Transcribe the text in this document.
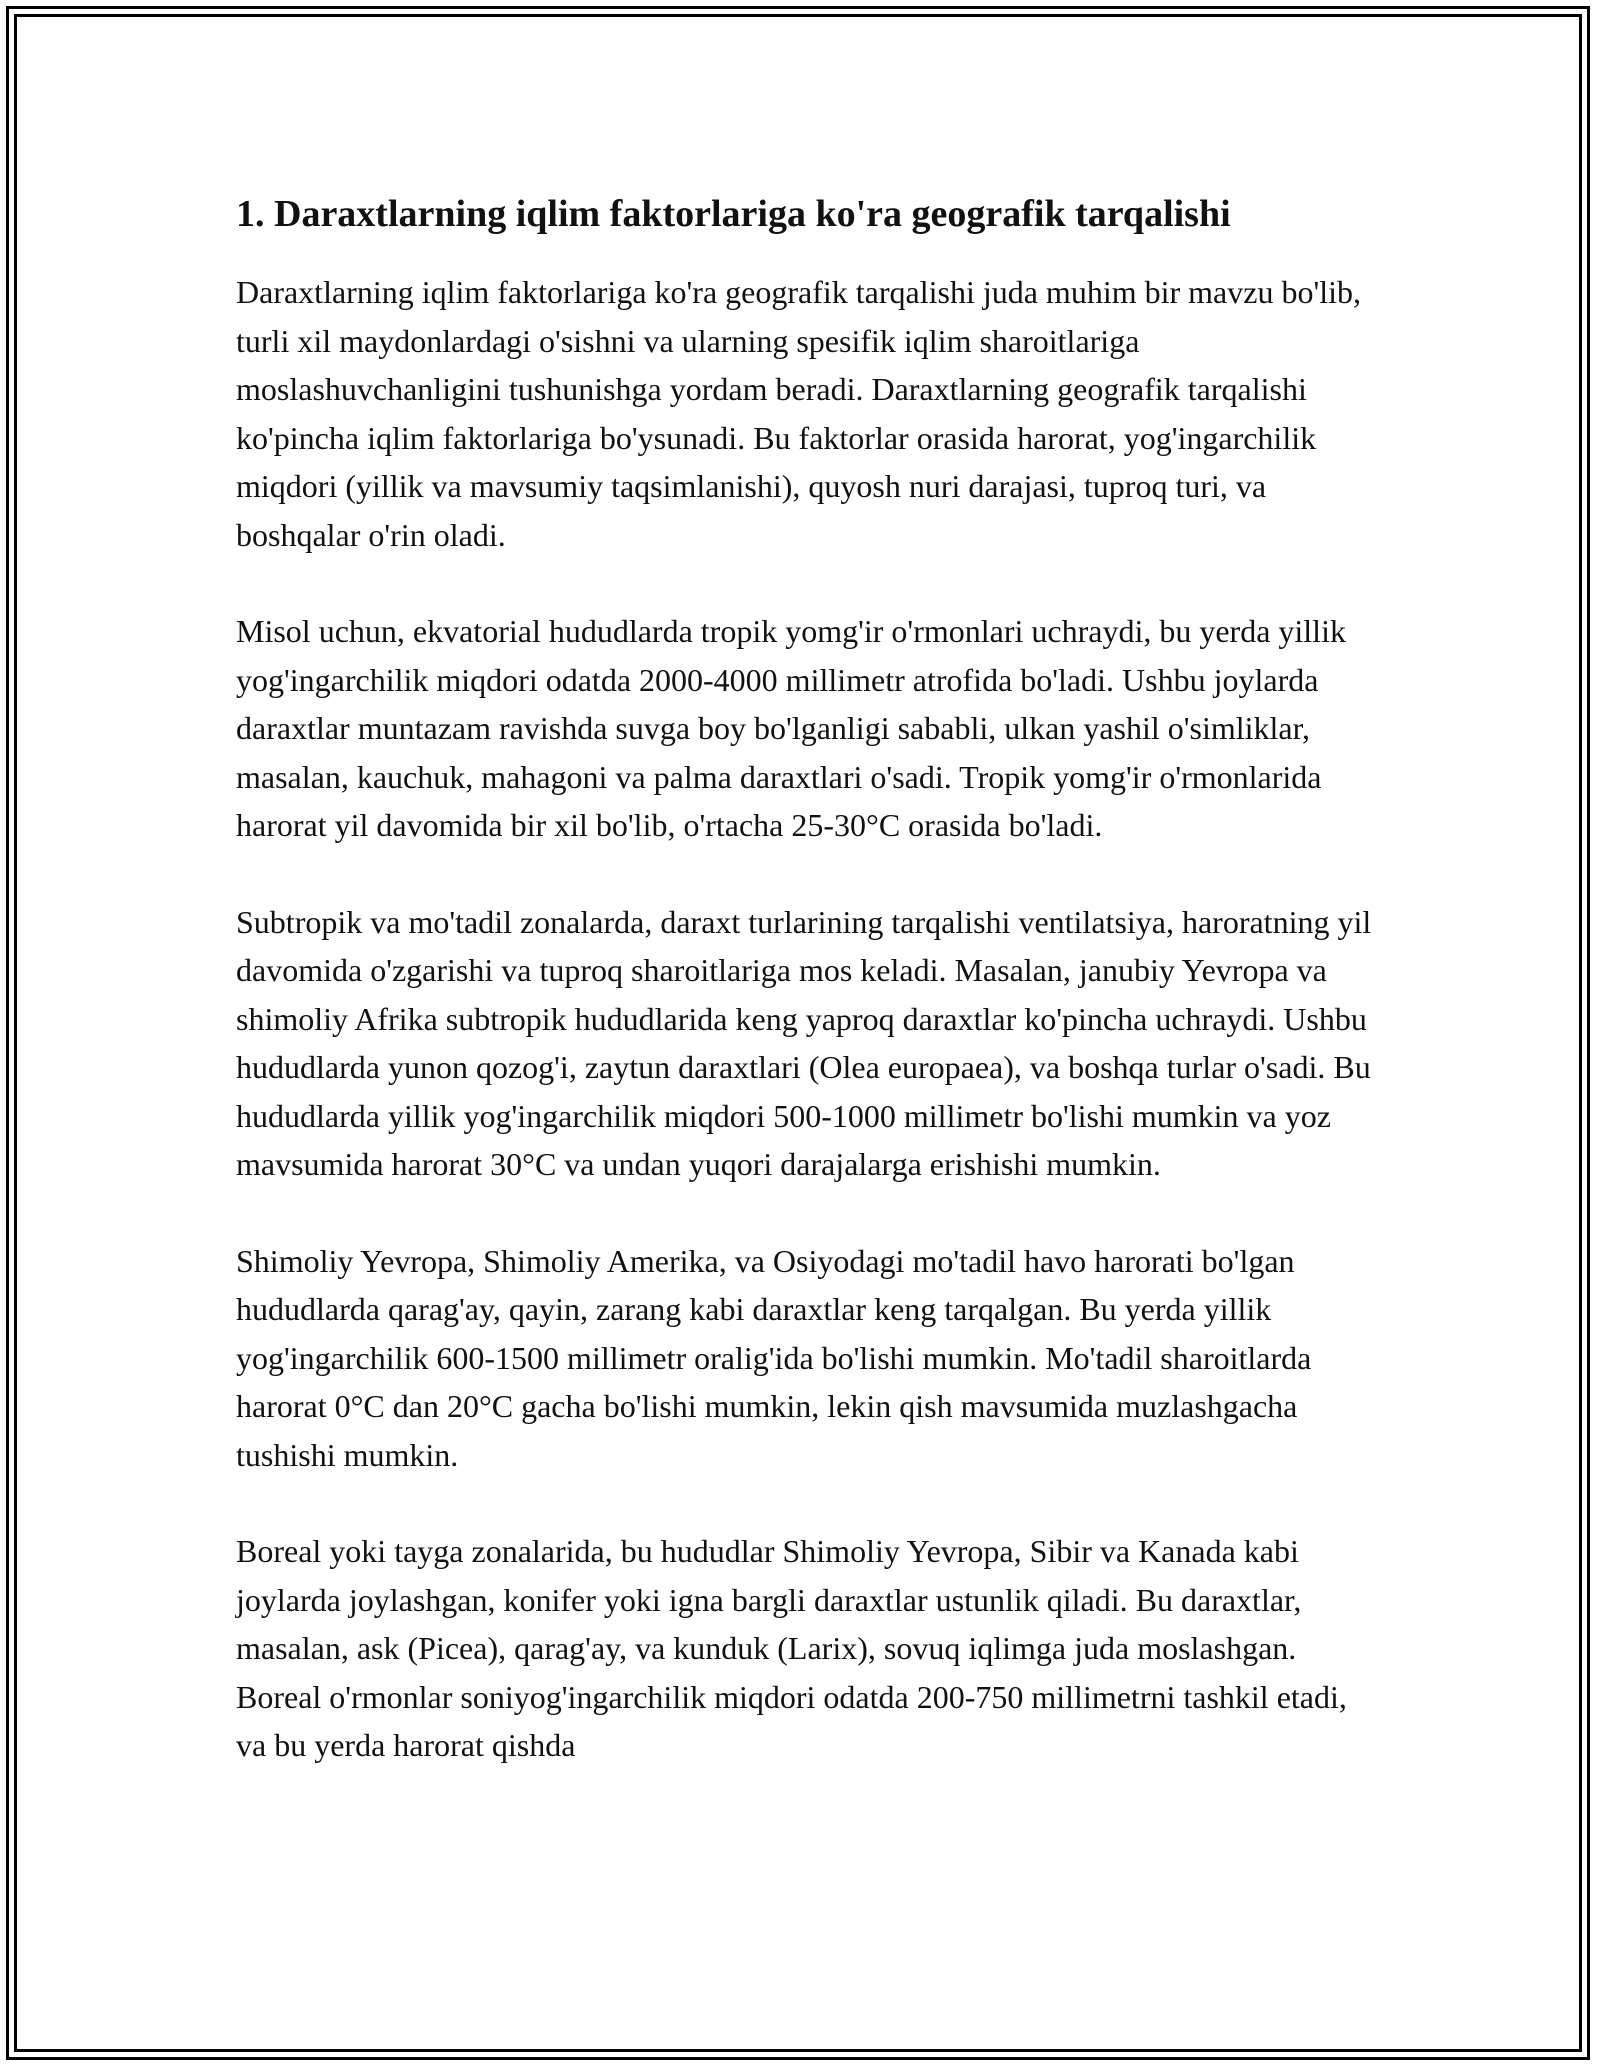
1. Daraxtlarning iqlim faktorlariga ko'ra geografik tarqalishi

Daraxtlarning iqlim faktorlariga ko'ra geografik tarqalishi juda muhim bir mavzu bo'lib, turli xil maydonlardagi o'sishni va ularning spesifik iqlim sharoitlariga moslashuvchanligini tushunishga yordam beradi. Daraxtlarning geografik tarqalishi ko'pincha iqlim faktorlariga bo'ysunadi. Bu faktorlar orasida harorat, yog'ingarchilik miqdori (yillik va mavsumiy taqsimlanishi), quyosh nuri darajasi, tuproq turi, va boshqalar o'rin oladi.

Misol uchun, ekvatorial hududlarda tropik yomg'ir o'rmonlari uchraydi, bu yerda yillik yog'ingarchilik miqdori odatda 2000-4000 millimetr atrofida bo'ladi. Ushbu joylarda daraxtlar muntazam ravishda suvga boy bo'lganligi sababli, ulkan yashil o'simliklar, masalan, kauchuk, mahagoni va palma daraxtlari o'sadi. Tropik yomg'ir o'rmonlarida harorat yil davomida bir xil bo'lib, o'rtacha 25-30°C orasida bo'ladi.

Subtropik va mo'tadil zonalarda, daraxt turlarining tarqalishi ventilatsiya, haroratning yil davomida o'zgarishi va tuproq sharoitlariga mos keladi. Masalan, janubiy Yevropa va shimoliy Afrika subtropik hududlarida keng yaproq daraxtlar ko'pincha uchraydi. Ushbu hududlarda yunon qozog'i, zaytun daraxtlari (Olea europaea), va boshqa turlar o'sadi. Bu hududlarda yillik yog'ingarchilik miqdori 500-1000 millimetr bo'lishi mumkin va yoz mavsumida harorat 30°C va undan yuqori darajalarga erishishi mumkin.

Shimoliy Yevropa, Shimoliy Amerika, va Osiyodagi mo'tadil havo harorati bo'lgan hududlarda qarag'ay, qayin, zarang kabi daraxtlar keng tarqalgan. Bu yerda yillik yog'ingarchilik 600-1500 millimetr oralig'ida bo'lishi mumkin. Mo'tadil sharoitlarda harorat 0°C dan 20°C gacha bo'lishi mumkin, lekin qish mavsumida muzlashgacha tushishi mumkin.

Boreal yoki tayga zonalarida, bu hududlar Shimoliy Yevropa, Sibir va Kanada kabi joylarda joylashgan, konifer yoki igna bargli daraxtlar ustunlik qiladi. Bu daraxtlar, masalan, ask (Picea), qarag'ay, va kunduk (Larix), sovuq iqlimga juda moslashgan. Boreal o'rmonlar soniyog'ingarchilik miqdori odatda 200-750 millimetrni tashkil etadi, va bu yerda harorat qishda
